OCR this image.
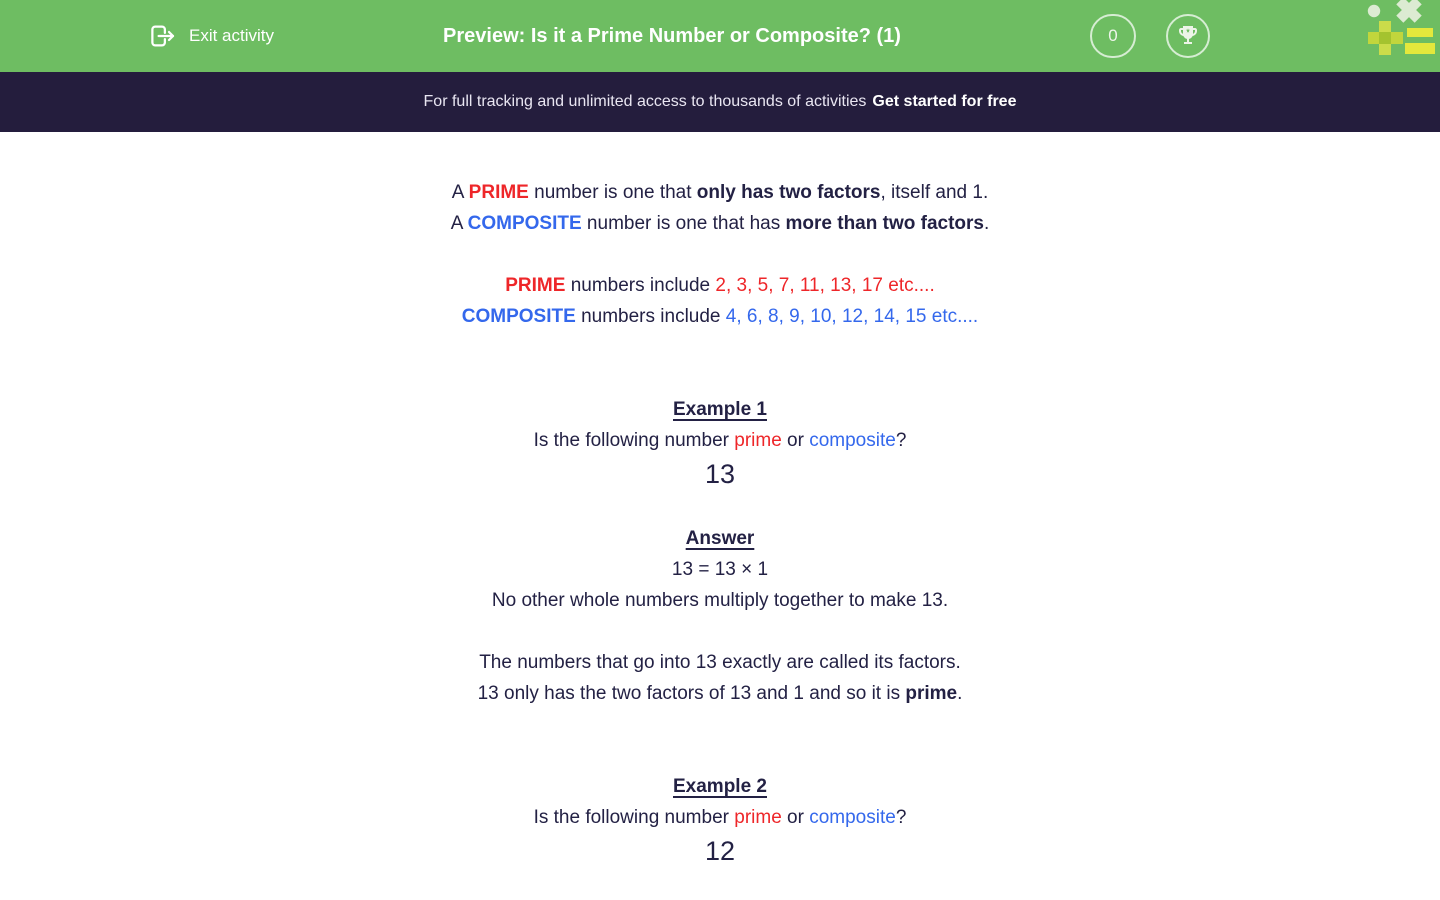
Exit activity	Preview: Is it a Prime Number or Composite? (1)	0
For full tracking and unlimited access to thousands of activities Get started for free

A PRIME number is one that only has two factors, itself and 1.
A COMPOSITE number is one that has more than two factors.

PRIME numbers include 2, 3, 5, 7, 11, 13, 17 etc....
COMPOSITE numbers include 4, 6, 8, 9, 10, 12, 14, 15 etc....

Example 1

Is the following number prime or composite?

13

Answer

13 = 13 × 1

No other whole numbers multiply together to make 13.

The numbers that go into 13 exactly are called its factors.
13 only has the two factors of 13 and 1 and so it is prime.

Example 2

Is the following number prime or composite?

12
